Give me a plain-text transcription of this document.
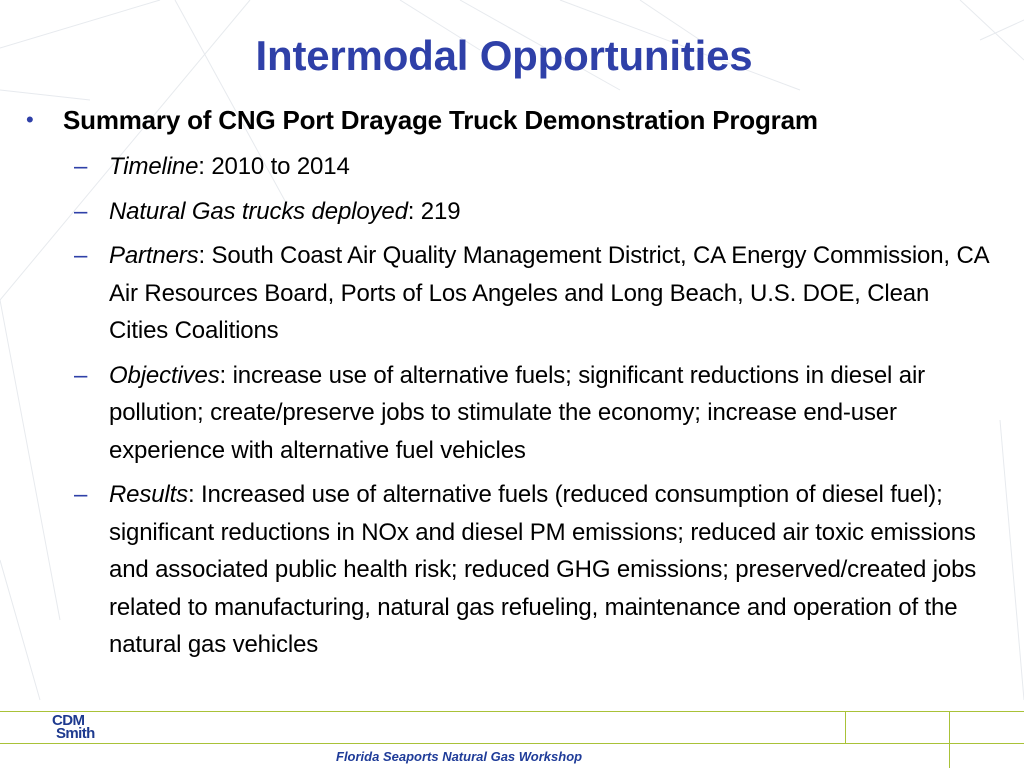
Intermodal Opportunities
• Summary of CNG Port Drayage Truck Demonstration Program
– Timeline: 2010 to 2014
– Natural Gas trucks deployed: 219
– Partners: South Coast Air Quality Management District, CA Energy Commission, CA Air Resources Board, Ports of Los Angeles and Long Beach, U.S. DOE, Clean Cities Coalitions
– Objectives: increase use of alternative fuels; significant reductions in diesel air pollution; create/preserve jobs to stimulate the economy; increase end-user experience with alternative fuel vehicles
– Results: Increased use of alternative fuels (reduced consumption of diesel fuel); significant reductions in NOx and diesel PM emissions; reduced air toxic emissions and associated public health risk; reduced GHG emissions; preserved/created jobs related to manufacturing, natural gas refueling, maintenance and operation of the natural gas vehicles
CDM
Smith
Florida Seaports Natural Gas Workshop
